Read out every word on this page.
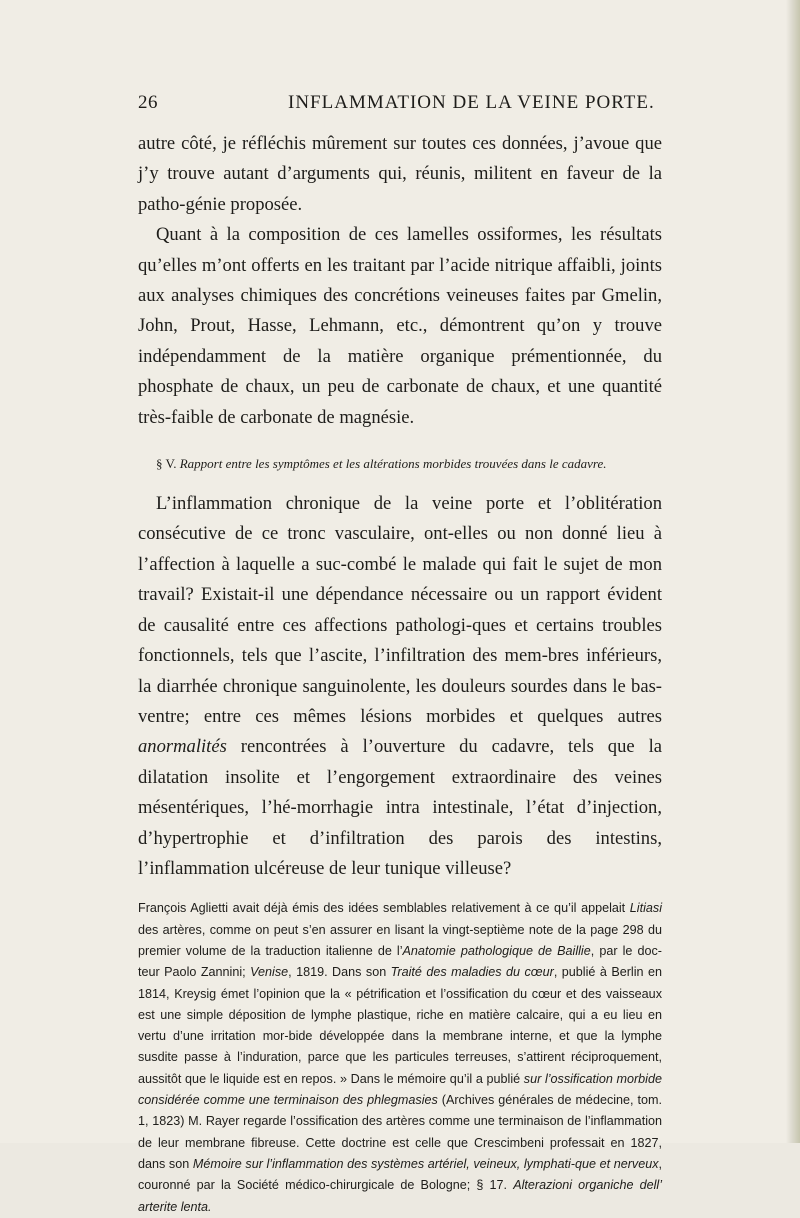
26	INFLAMMATION DE LA VEINE PORTE.

autre côté, je réfléchis mûrement sur toutes ces données, j’avoue que j’y trouve autant d’arguments qui, réunis, militent en faveur de la patho-génie proposée.

Quant à la composition de ces lamelles ossiformes, les résultats qu’elles m’ont offerts en les traitant par l’acide nitrique affaibli, joints aux analyses chimiques des concrétions veineuses faites par Gmelin, John, Prout, Hasse, Lehmann, etc., démontrent qu’on y trouve indépendamment de la matière organique prémentionnée, du phosphate de chaux, un peu de carbonate de chaux, et une quantité très-faible de carbonate de magnésie.

§ V. Rapport entre les symptômes et les altérations morbides trouvées dans le cadavre.

L’inflammation chronique de la veine porte et l’oblitération consécutive de ce tronc vasculaire, ont-elles ou non donné lieu à l’affection à laquelle a suc-combé le malade qui fait le sujet de mon travail? Existait-il une dépendance nécessaire ou un rapport évident de causalité entre ces affections pathologi-ques et certains troubles fonctionnels, tels que l’ascite, l’infiltration des mem-bres inférieurs, la diarrhée chronique sanguinolente, les douleurs sourdes dans le bas-ventre; entre ces mêmes lésions morbides et quelques autres anormalités rencontrées à l’ouverture du cadavre, tels que la dilatation insolite et l’engorgement extraordinaire des veines mésentériques, l’hé-morrhagie intra intestinale, l’état d’injection, d’hypertrophie et d’infiltration des parois des intestins, l’inflammation ulcéreuse de leur tunique villeuse?

François Aglietti avait déjà émis des idées semblables relativement à ce qu’il appelait Litiasi des artères, comme on peut s’en assurer en lisant la vingt-septième note de la page 298 du premier volume de la traduction italienne de l’Anatomie pathologique de Baillie, par le doc-teur Paolo Zannini; Venise, 1819. Dans son Traité des maladies du cœur, publié à Berlin en 1814, Kreysig émet l’opinion que la « pétrification et l’ossification du cœur et des vaisseaux est une simple déposition de lymphe plastique, riche en matière calcaire, qui a eu lieu en vertu d’une irritation mor-bide développée dans la membrane interne, et que la lymphe susdite passe à l’induration, parce que les particules terreuses, s’attirent réciproquement, aussitôt que le liquide est en repos. » Dans le mémoire qu’il a publié sur l’ossification morbide considérée comme une terminaison des phlegmasies (Archives générales de médecine, tom. 1, 1823) M. Rayer regarde l’ossification des artères comme une terminaison de l’inflammation de leur membrane fibreuse. Cette doctrine est celle que Crescimbeni professait en 1827, dans son Mémoire sur l’inflammation des systèmes artériel, veineux, lymphati-que et nerveux, couronné par la Société médico-chirurgicale de Bologne; § 17. Alterazioni organiche dell’ arterite lenta.
